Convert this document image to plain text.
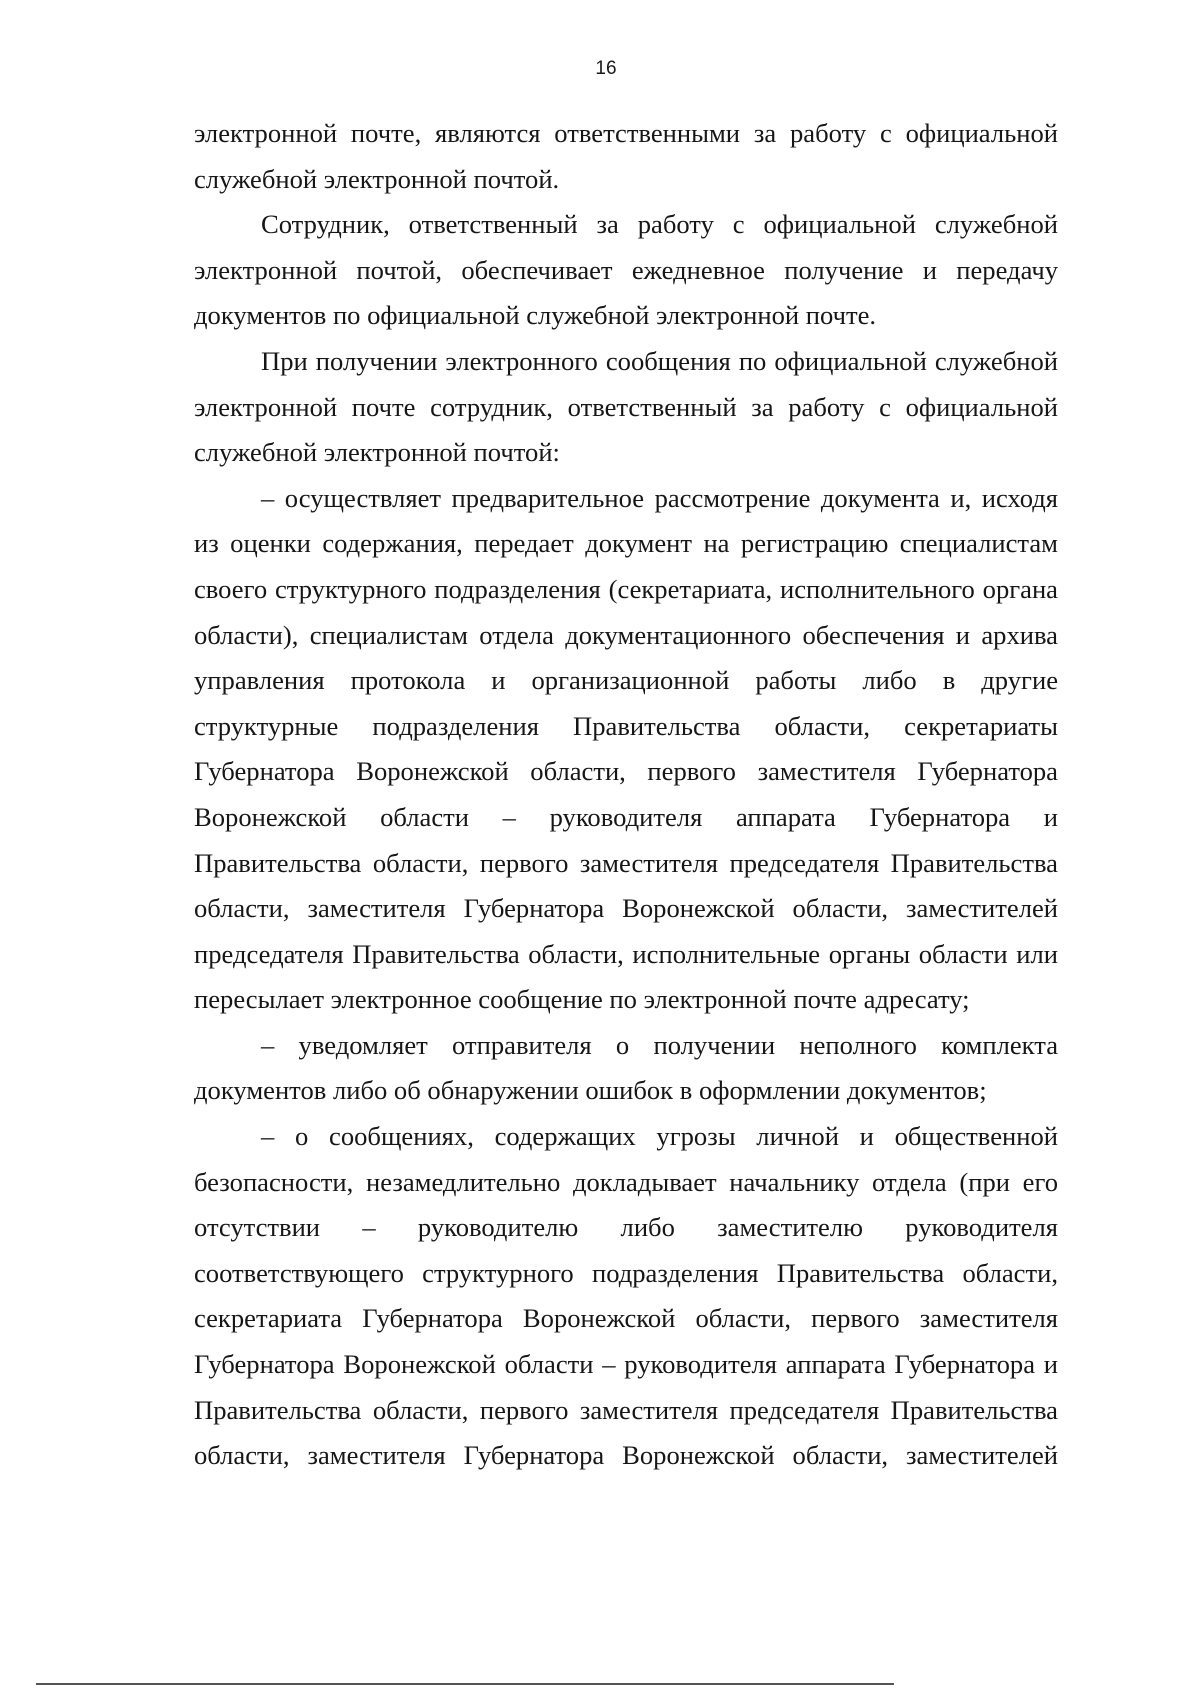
16

электронной почте, являются ответственными за работу с официальной служебной электронной почтой.

Сотрудник, ответственный за работу с официальной служебной электронной почтой, обеспечивает ежедневное получение и передачу документов по официальной служебной электронной почте.

При получении электронного сообщения по официальной служебной электронной почте сотрудник, ответственный за работу с официальной служебной электронной почтой:

– осуществляет предварительное рассмотрение документа и, исходя из оценки содержания, передает документ на регистрацию специалистам своего структурного подразделения (секретариата, исполнительного органа области), специалистам отдела документационного обеспечения и архива управления протокола и организационной работы либо в другие структурные подразделения Правительства области, секретариаты Губернатора Воронежской области, первого заместителя Губернатора Воронежской области – руководителя аппарата Губернатора и Правительства области, первого заместителя председателя Правительства области, заместителя Губернатора Воронежской области, заместителей председателя Правительства области, исполнительные органы области или пересылает электронное сообщение по электронной почте адресату;

– уведомляет отправителя о получении неполного комплекта документов либо об обнаружении ошибок в оформлении документов;

– о сообщениях, содержащих угрозы личной и общественной безопасности, незамедлительно докладывает начальнику отдела (при его отсутствии – руководителю либо заместителю руководителя соответствующего структурного подразделения Правительства области, секретариата Губернатора Воронежской области, первого заместителя Губернатора Воронежской области – руководителя аппарата Губернатора и Правительства области, первого заместителя председателя Правительства области, заместителя Губернатора Воронежской области, заместителей
